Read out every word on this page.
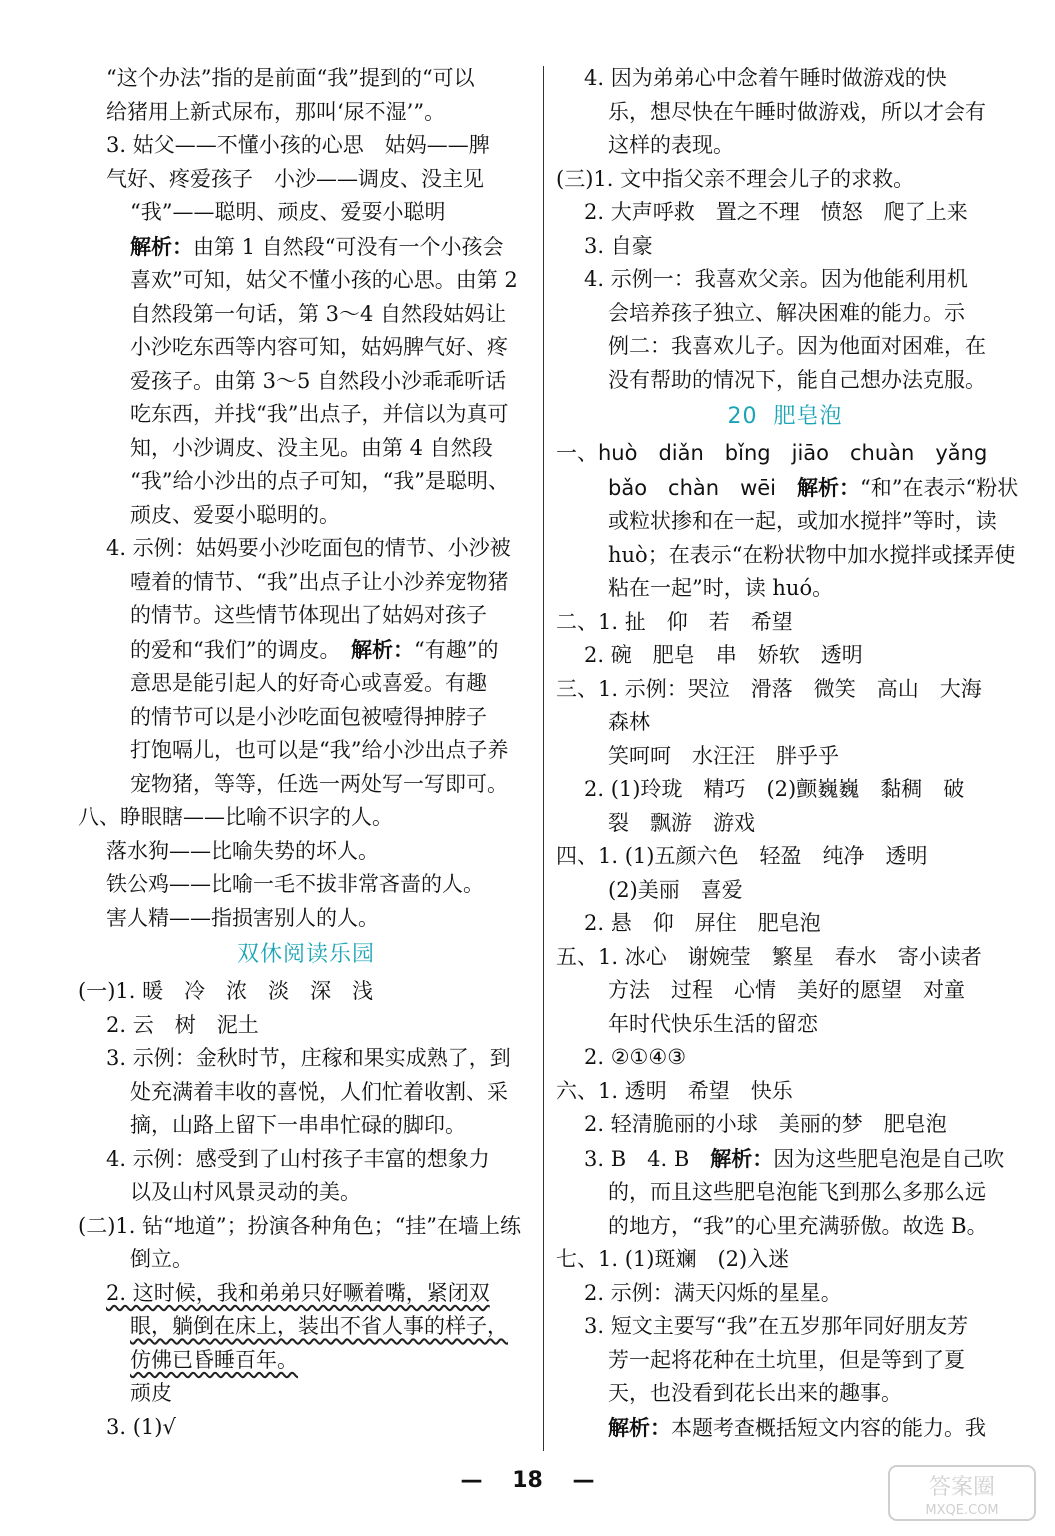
“这个办法”指的是前面“我”提到的“可以
给猪用上新式尿布，那叫‘尿不湿’”。
3. 姑父——不懂小孩的心思　姑妈——脾
气好、疼爱孩子　小沙——调皮、没主见
“我”——聪明、顽皮、爱耍小聪明
解析：由第 1 自然段“可没有一个小孩会
喜欢”可知，姑父不懂小孩的心思。由第 2
自然段第一句话，第 3～4 自然段姑妈让
小沙吃东西等内容可知，姑妈脾气好、疼
爱孩子。由第 3～5 自然段小沙乖乖听话
吃东西，并找“我”出点子，并信以为真可
知，小沙调皮、没主见。由第 4 自然段
“我”给小沙出的点子可知，“我”是聪明、
顽皮、爱耍小聪明的。
4. 示例：姑妈要小沙吃面包的情节、小沙被
噎着的情节、“我”出点子让小沙养宠物猪
的情节。这些情节体现出了姑妈对孩子
的爱和“我们”的调皮。　 解析：“有趣”的
意思是能引起人的好奇心或喜爱。有趣
的情节可以是小沙吃面包被噎得抻脖子
打饱嗝儿，也可以是“我”给小沙出点子养
宠物猪，等等，任选一两处写一写即可。
八、睁眼瞎——比喻不识字的人。
落水狗——比喻失势的坏人。
铁公鸡——比喻一毛不拔非常吝啬的人。
害人精——指损害别人的人。
双休阅读乐园
(一)1. 暖　冷　浓　淡　深　浅
2. 云　树　泥土
3. 示例：金秋时节，庄稼和果实成熟了，到
处充满着丰收的喜悦，人们忙着收割、采
摘，山路上留下一串串忙碌的脚印。
4. 示例：感受到了山村孩子丰富的想象力
以及山村风景灵动的美。
(二)1. 钻“地道”；扮演各种角色；“挂”在墙上练
倒立。
2. 这时候，我和弟弟只好噘着嘴，紧闭双
眼，躺倒在床上，装出不省人事的样子，
仿佛已昏睡百年。
顽皮
3. (1)√
4. 因为弟弟心中念着午睡时做游戏的快
乐，想尽快在午睡时做游戏，所以才会有
这样的表现。
(三)1. 文中指父亲不理会儿子的求救。
2. 大声呼救　置之不理　愤怒　爬了上来
3. 自豪
4. 示例一：我喜欢父亲。因为他能利用机
会培养孩子独立、解决困难的能力。示
例二：我喜欢儿子。因为他面对困难，在
没有帮助的情况下，能自己想办法克服。
20 肥皂泡
一、huò　diǎn　bǐng　jiāo　chuàn　yǎng
bǎo　chàn　wēi　 解析：“和”在表示“粉状
或粒状掺和在一起，或加水搅拌”等时，读
huò；在表示“在粉状物中加水搅拌或揉弄使
粘在一起”时，读 huó。
二、1. 扯　仰　若　希望
2. 碗　肥皂　串　娇软　透明
三、1. 示例：哭泣　滑落　微笑　高山　大海
森林
笑呵呵　水汪汪　胖乎乎
2. (1)玲珑　精巧　(2)颤巍巍　黏稠　破
裂　飘游　游戏
四、1. (1)五颜六色　轻盈　纯净　透明
(2)美丽　喜爱
2. 悬　仰　屏住　肥皂泡
五、1. 冰心　谢婉莹　繁星　春水　寄小读者
方法　过程　心情　美好的愿望　对童
年时代快乐生活的留恋
2. ②①④③
六、1. 透明　希望　快乐
2. 轻清脆丽的小球　美丽的梦　肥皂泡
3. B　4. B　 解析：因为这些肥皂泡是自己吹
的，而且这些肥皂泡能飞到那么多那么远
的地方，“我”的心里充满骄傲。故选 B。
七、1. (1)斑斓　(2)入迷
2. 示例：满天闪烁的星星。
3. 短文主要写“我”在五岁那年同好朋友芳
芳一起将花种在土坑里，但是等到了夏
天，也没看到花长出来的趣事。
解析：本题考查概括短文内容的能力。我
— 18 —	答案圈
MXQE.COM
